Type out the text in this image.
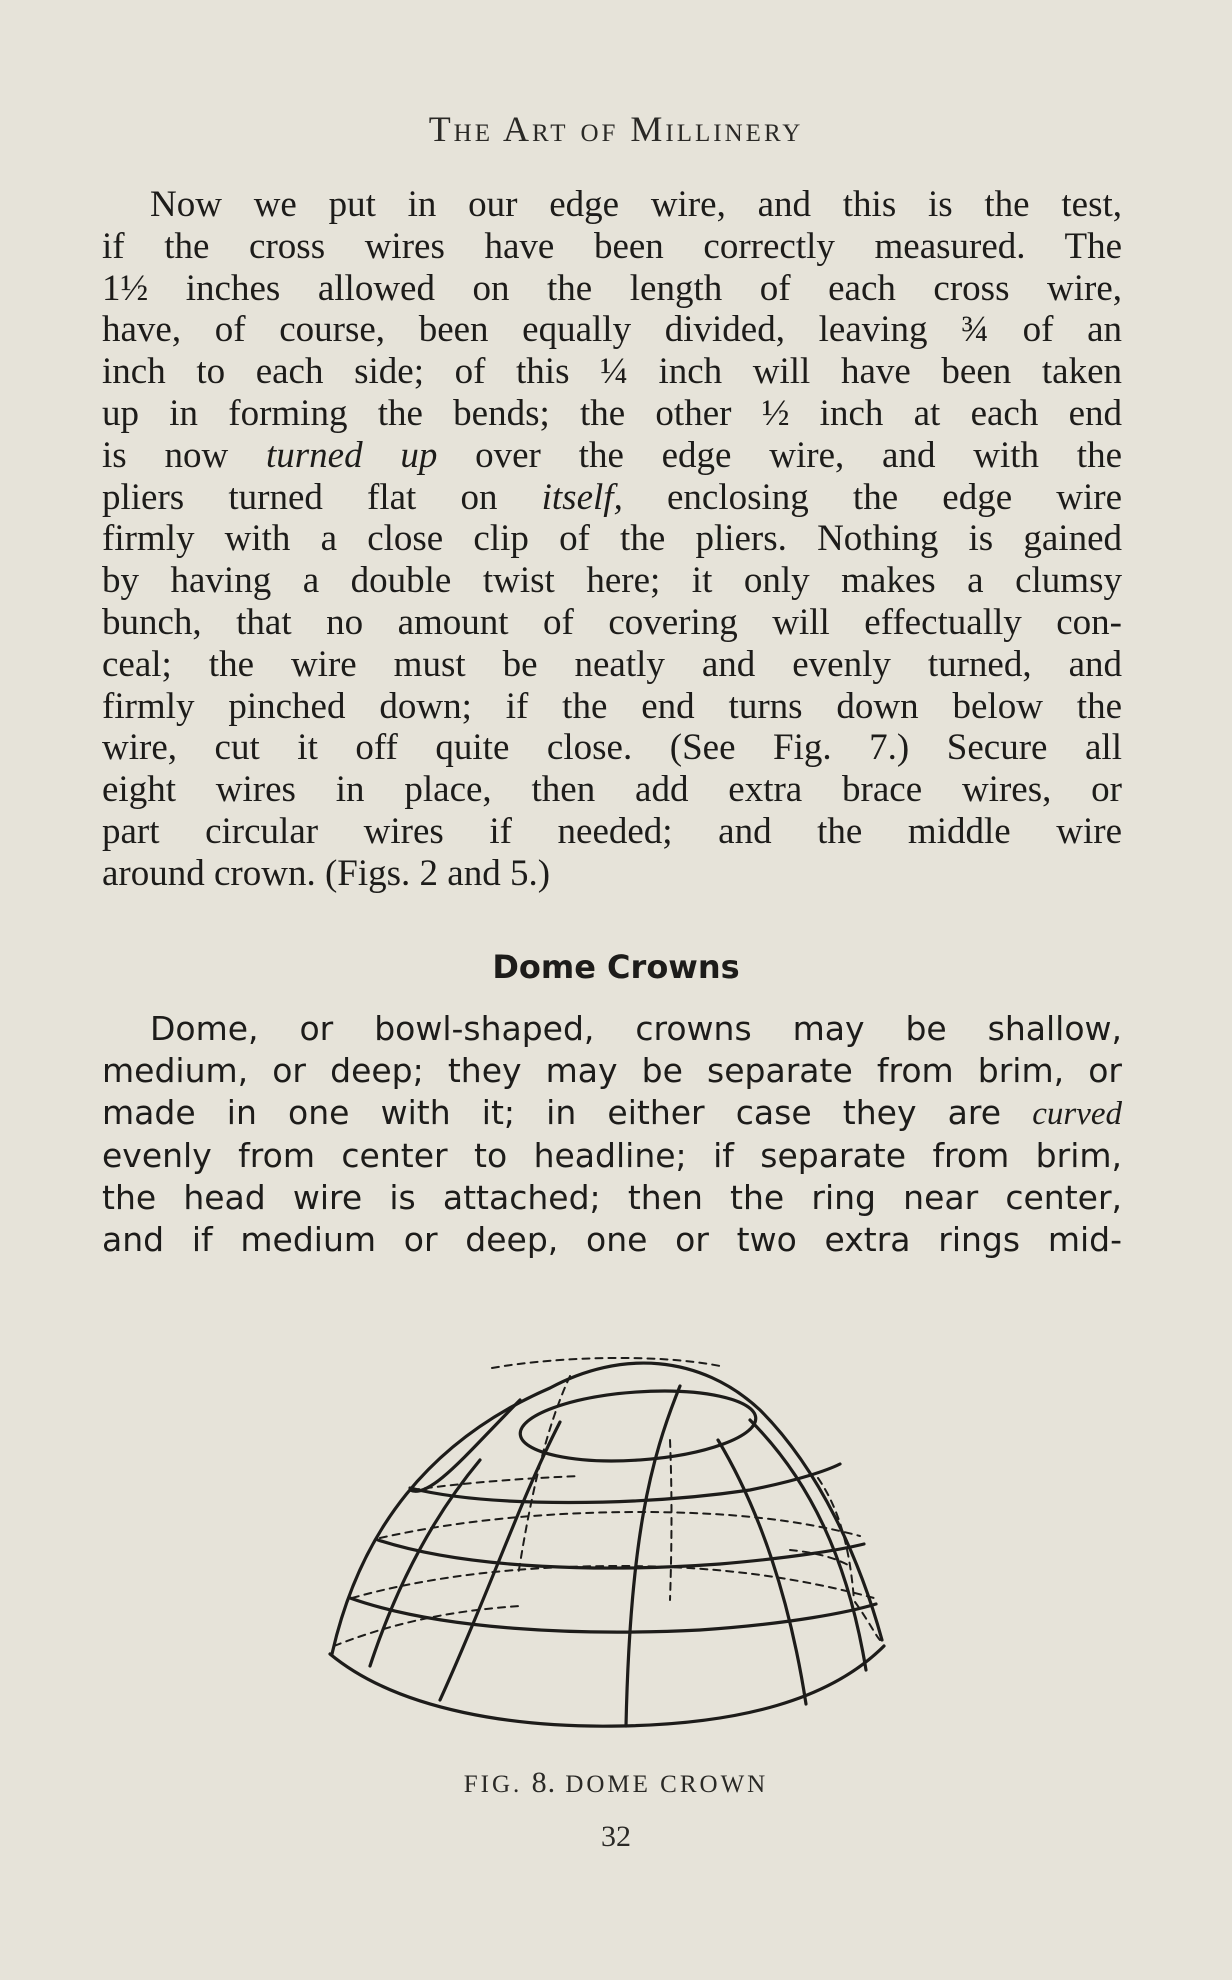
The Art of Millinery
Now we put in our edge wire, and this is the test,
if the cross wires have been correctly measured. The
1½ inches allowed on the length of each cross wire,
have, of course, been equally divided, leaving ¾ of an
inch to each side; of this ¼ inch will have been taken
up in forming the bends; the other ½ inch at each end
is now turned up over the edge wire, and with the
pliers turned flat on itself, enclosing the edge wire
firmly with a close clip of the pliers. Nothing is gained
by having a double twist here; it only makes a clumsy
bunch, that no amount of covering will effectually con-
ceal; the wire must be neatly and evenly turned, and
firmly pinched down; if the end turns down below the
wire, cut it off quite close. (See Fig. 7.) Secure all
eight wires in place, then add extra brace wires, or
part circular wires if needed; and the middle wire
around crown. (Figs. 2 and 5.)
Dome Crowns
Dome, or bowl-shaped, crowns may be shallow,
medium, or deep; they may be separate from brim, or
made in one with it; in either case they are curved
evenly from center to headline; if separate from brim,
the head wire is attached; then the ring near center,
and if medium or deep, one or two extra rings mid-
FIG. 8. DOME CROWN
32
